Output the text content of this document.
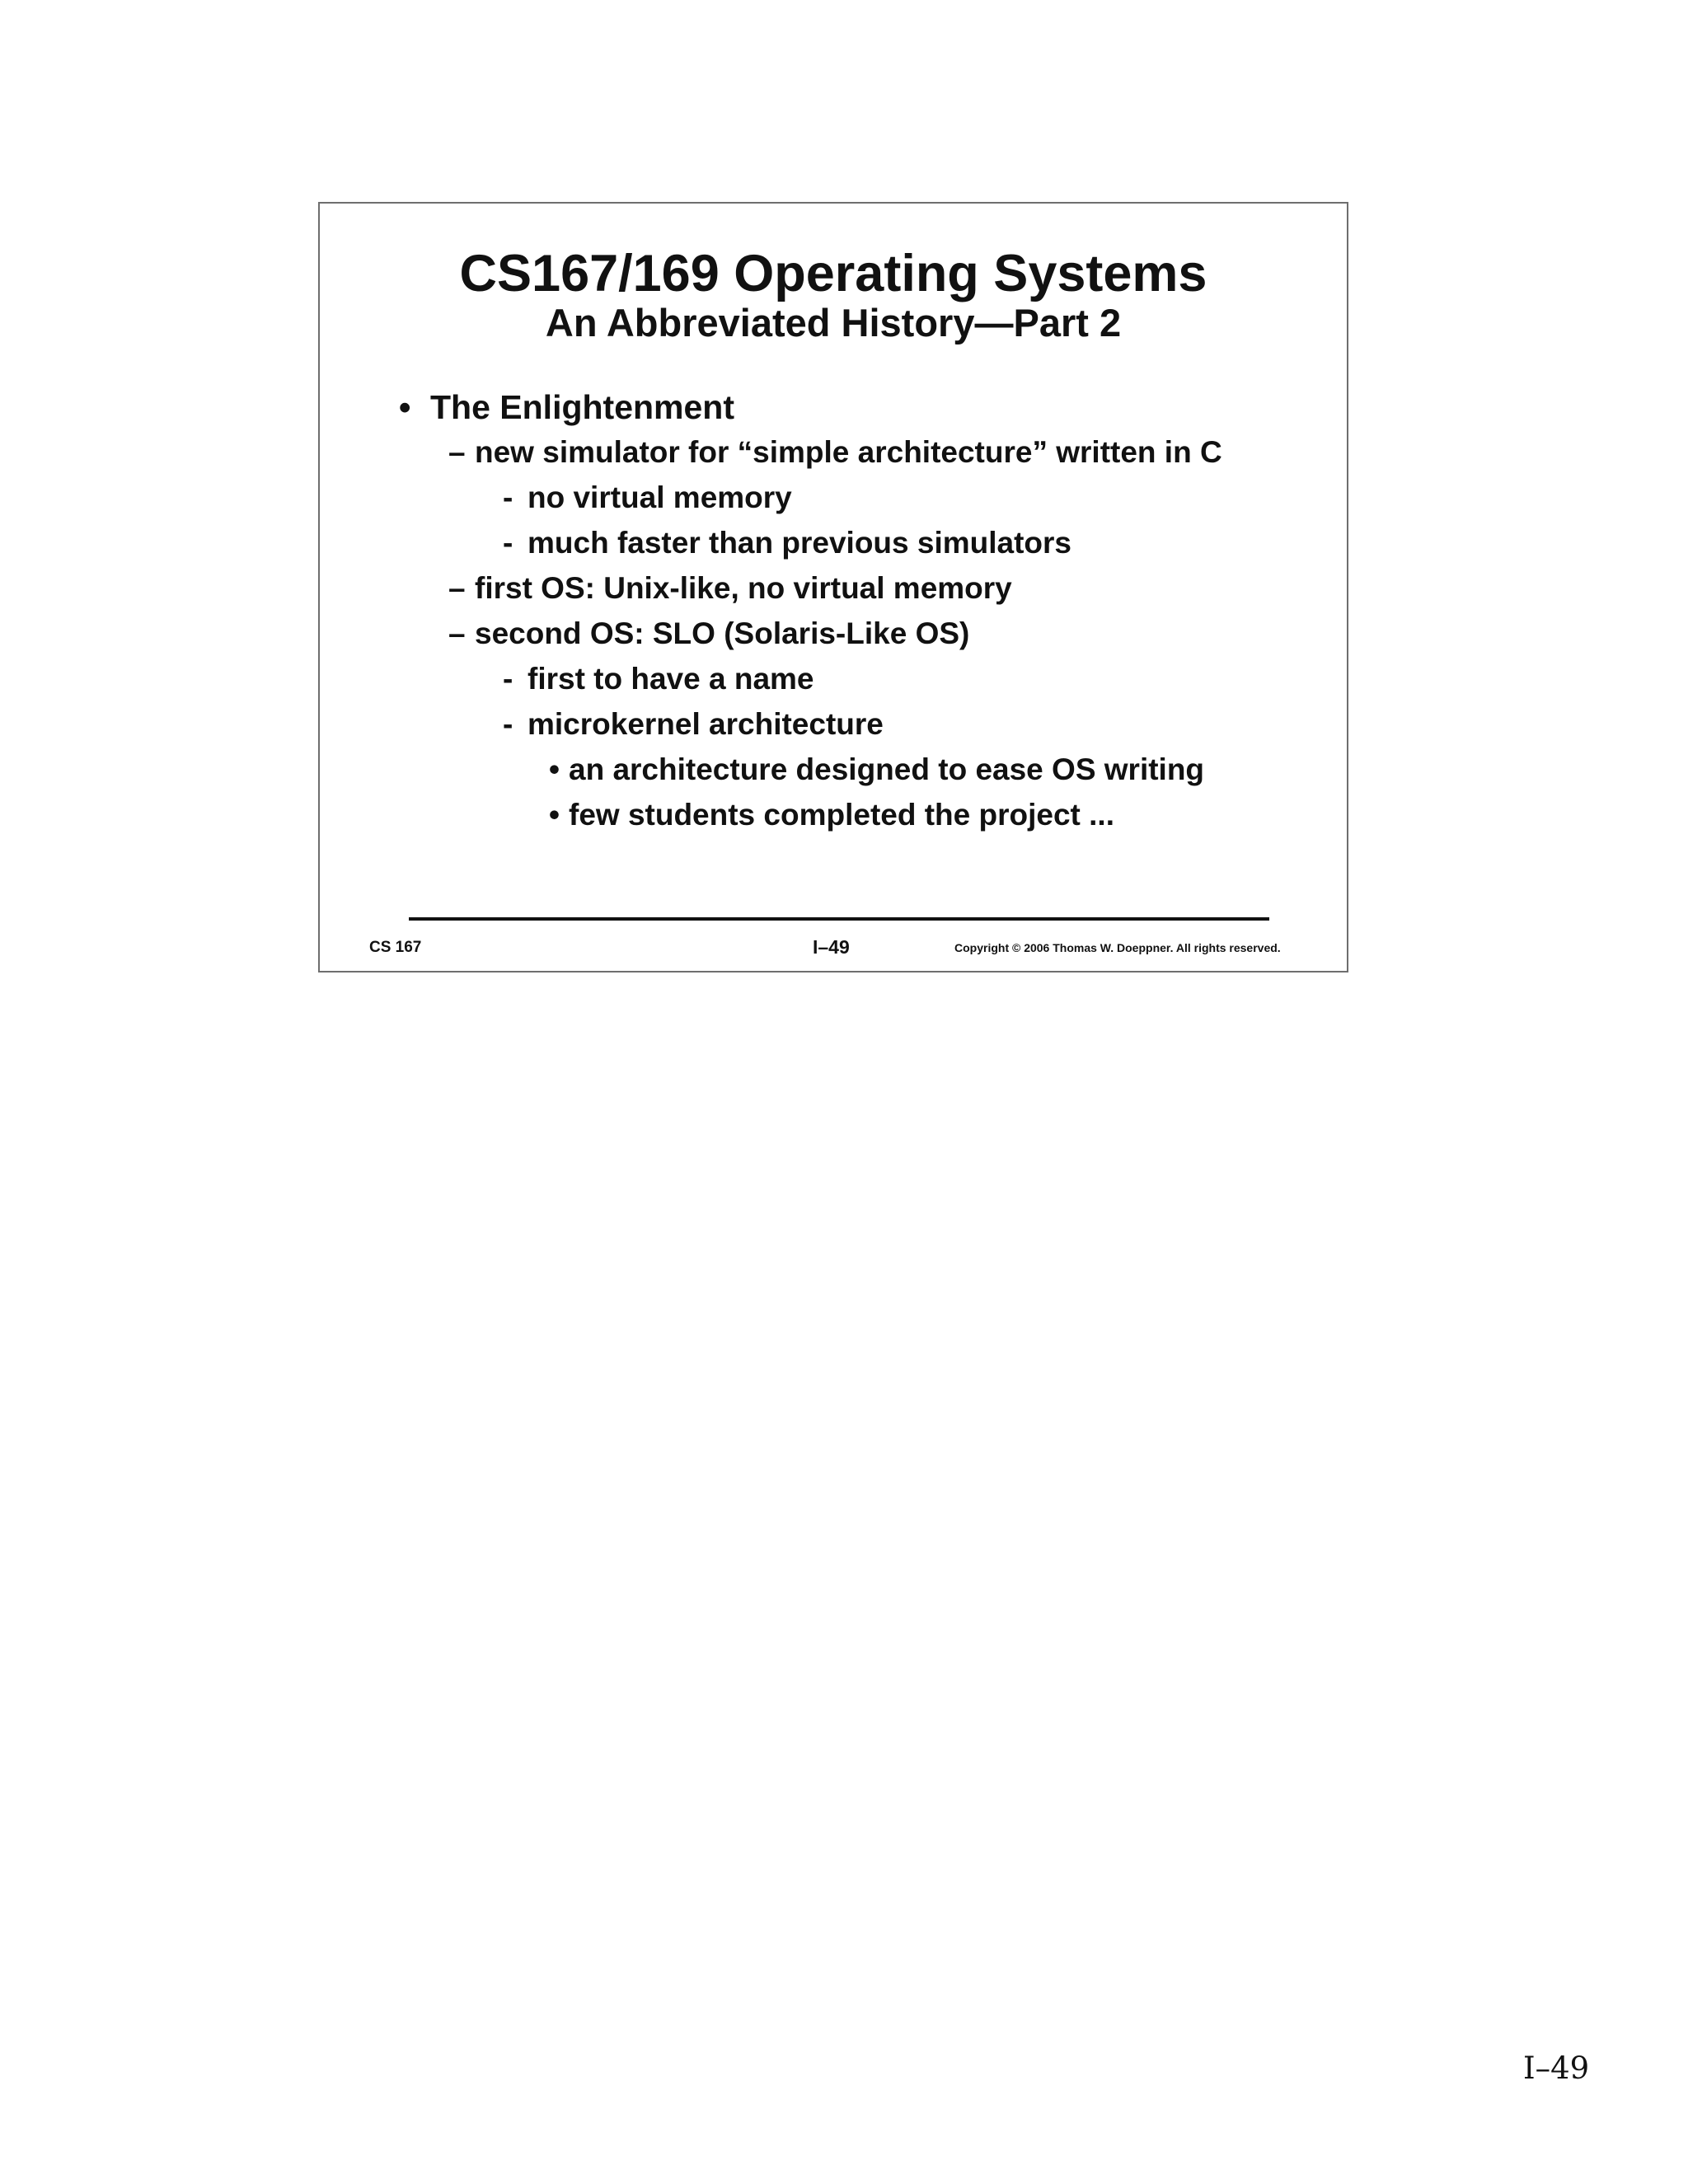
CS167/169 Operating Systems
An Abbreviated History—Part 2
• The Enlightenment
– new simulator for “simple architecture” written in C
- no virtual memory
- much faster than previous simulators
– first OS: Unix-like, no virtual memory
– second OS: SLO (Solaris-Like OS)
- first to have a name
- microkernel architecture
• an architecture designed to ease OS writing
• few students completed the project ...
CS 167	I–49	Copyright © 2006 Thomas W. Doeppner. All rights reserved.
I–49
